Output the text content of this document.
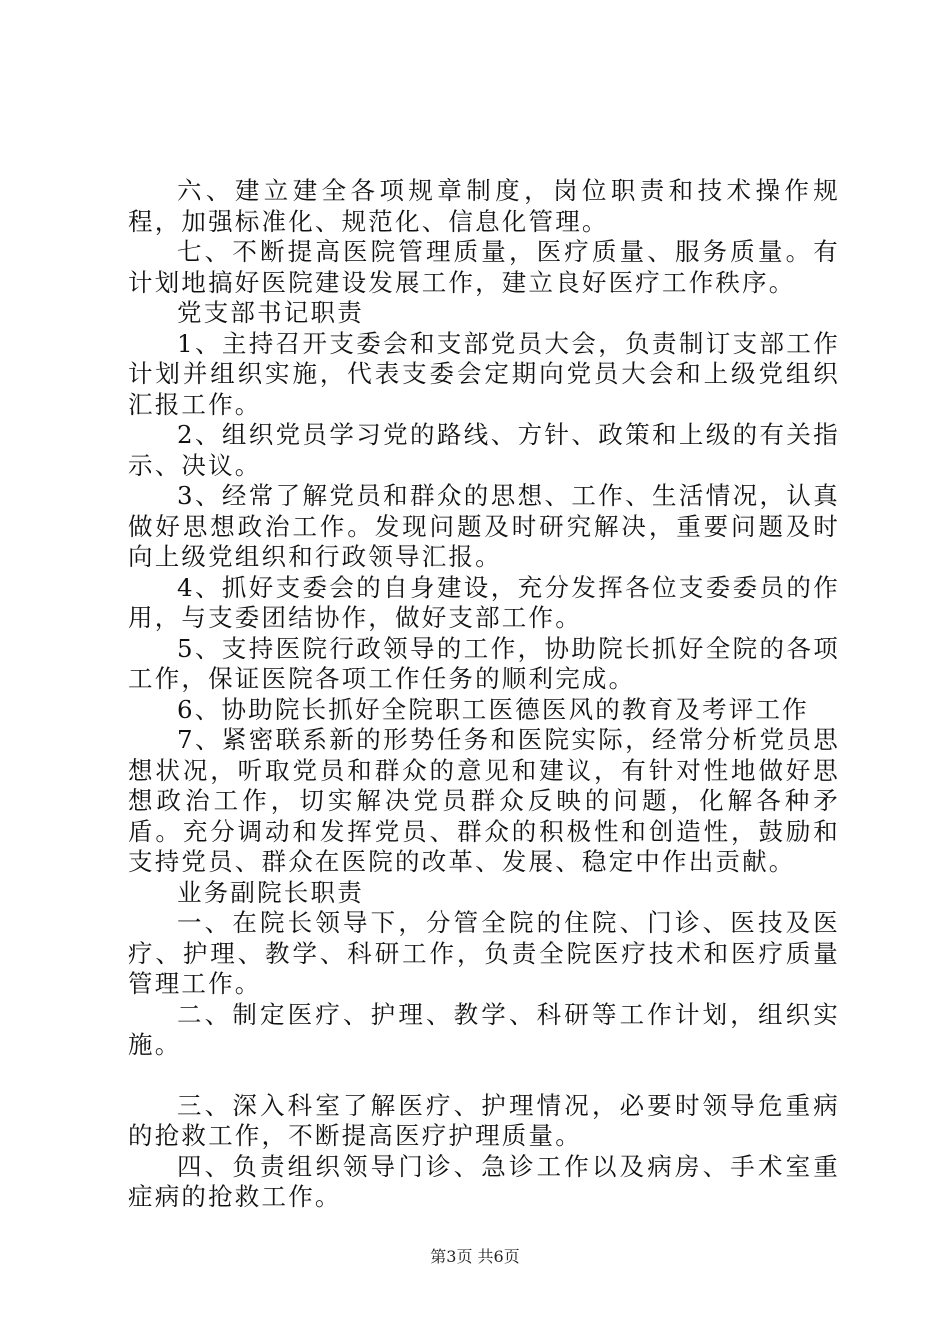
六、建立建全各项规章制度，岗位职责和技术操作规程，加强标准化、规范化、信息化管理。

七、不断提高医院管理质量，医疗质量、服务质量。有计划地搞好医院建设发展工作，建立良好医疗工作秩序。

党支部书记职责

1、主持召开支委会和支部党员大会，负责制订支部工作计划并组织实施，代表支委会定期向党员大会和上级党组织汇报工作。

2、组织党员学习党的路线、方针、政策和上级的有关指示、决议。

3、经常了解党员和群众的思想、工作、生活情况，认真做好思想政治工作。发现问题及时研究解决，重要问题及时向上级党组织和行政领导汇报。

4、抓好支委会的自身建设，充分发挥各位支委委员的作用，与支委团结协作，做好支部工作。

5、支持医院行政领导的工作，协助院长抓好全院的各项工作，保证医院各项工作任务的顺利完成。

6、协助院长抓好全院职工医德医风的教育及考评工作

7、紧密联系新的形势任务和医院实际，经常分析党员思想状况，听取党员和群众的意见和建议，有针对性地做好思想政治工作，切实解决党员群众反映的问题，化解各种矛盾。充分调动和发挥党员、群众的积极性和创造性，鼓励和支持党员、群众在医院的改革、发展、稳定中作出贡献。

业务副院长职责

一、在院长领导下，分管全院的住院、门诊、医技及医疗、护理、教学、科研工作，负责全院医疗技术和医疗质量管理工作。

二、制定医疗、护理、教学、科研等工作计划，组织实施。

三、深入科室了解医疗、护理情况，必要时领导危重病的抢救工作，不断提高医疗护理质量。

四、负责组织领导门诊、急诊工作以及病房、手术室重症病的抢救工作。

第3页 共6页
